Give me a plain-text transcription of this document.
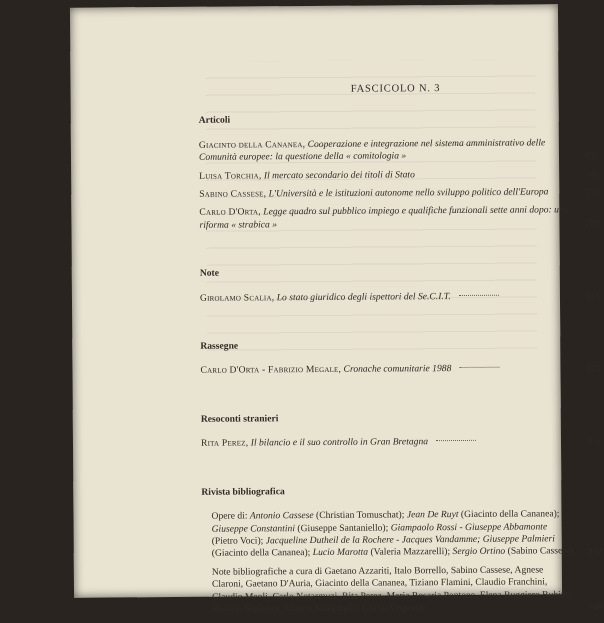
FASCICOLO N. 3
Articoli
Giacinto della Cananea, Cooperazione e integrazione nel sistema amministrativo delle Comunità europee: la questione della « comitologia »	655
Luisa Torchia, Il mercato secondario dei titoli di Stato	703
Sabino Cassese, L'Università e le istituzioni autonome nello sviluppo politico dell'Europa	755
Carlo D'Orta, Legge quadro sul pubblico impiego e qualifiche funzionali sette anni dopo: una riforma « strabica »	769
Note
Girolamo Scalia, Lo stato giuridico degli ispettori del Se.C.I.T.	815
Rassegne
Carlo D'Orta - Fabrizio Megale, Cronache comunitarie 1988	823
Resoconti stranieri
Rita Perez, Il bilancio e il suo controllo in Gran Bretagna	911
Rivista bibliografica
Opere di: Antonio Cassese (Christian Tomuschat); Jean De Ruyt (Giacinto della Cananea); Giuseppe Constantini (Giuseppe Santaniello); Giampaolo Rossi - Giuseppe Abbamonte (Pietro Voci); Jacqueline Dutheil de la Rochere - Jacques Vandamme; Giuseppe Palmieri (Giacinto della Cananea); Lucio Marotta (Valeria Mazzarelli); Sergio Ortino (Sabino Cassese) 932
Note bibliografiche a cura di Gaetano Azzariti, Italo Borrello, Sabino Cassese, Agnese Claroni, Gaetano D'Auria, Giacinto della Cananea, Tiziano Flamini, Claudio Franchini, Claudio Meoli, Carlo Notarmuzi, Rita Perez, Maria Rosaria Pontone, Elena Ruggiero Rubino, Rosario Sapienza, Alberto Stancanelli, Giulio Vesperini	946
